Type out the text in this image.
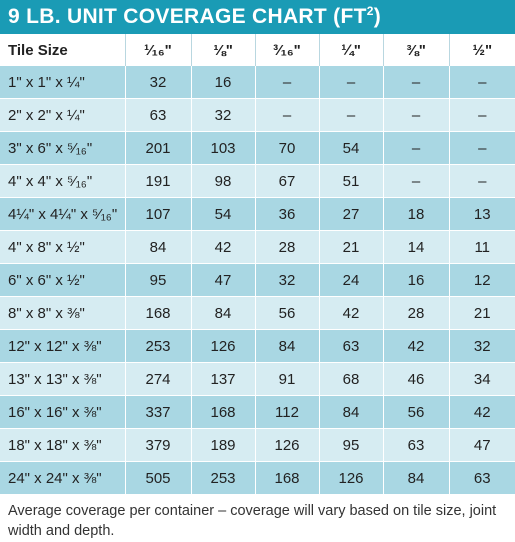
9 LB. UNIT COVERAGE CHART $(FT^2)$
Tile Size	¹⁄₁₆"	⅛"	³⁄₁₆"	¼"	⅜"	½"
1" x 1" x ¼"	32	16	–	–	–	–
2" x 2" x ¼"	63	32	–	–	–	–
3" x 6" x ⁵⁄₁₆"	201	103	70	54	–	–
4" x 4" x ⁵⁄₁₆"	191	98	67	51	–	–
4¼" x 4¼" x ⁵⁄₁₆"	107	54	36	27	18	13
4" x 8" x ½"	84	42	28	21	14	11
6" x 6" x ½"	95	47	32	24	16	12
8" x 8" x ⅜"	168	84	56	42	28	21
12" x 12" x ⅜"	253	126	84	63	42	32
13" x 13" x ⅜"	274	137	91	68	46	34
16" x 16" x ⅜"	337	168	112	84	56	42
18" x 18" x ⅜"	379	189	126	95	63	47
24" x 24" x ⅜"	505	253	168	126	84	63
Average coverage per container – coverage will vary based on tile size, joint width and depth.
